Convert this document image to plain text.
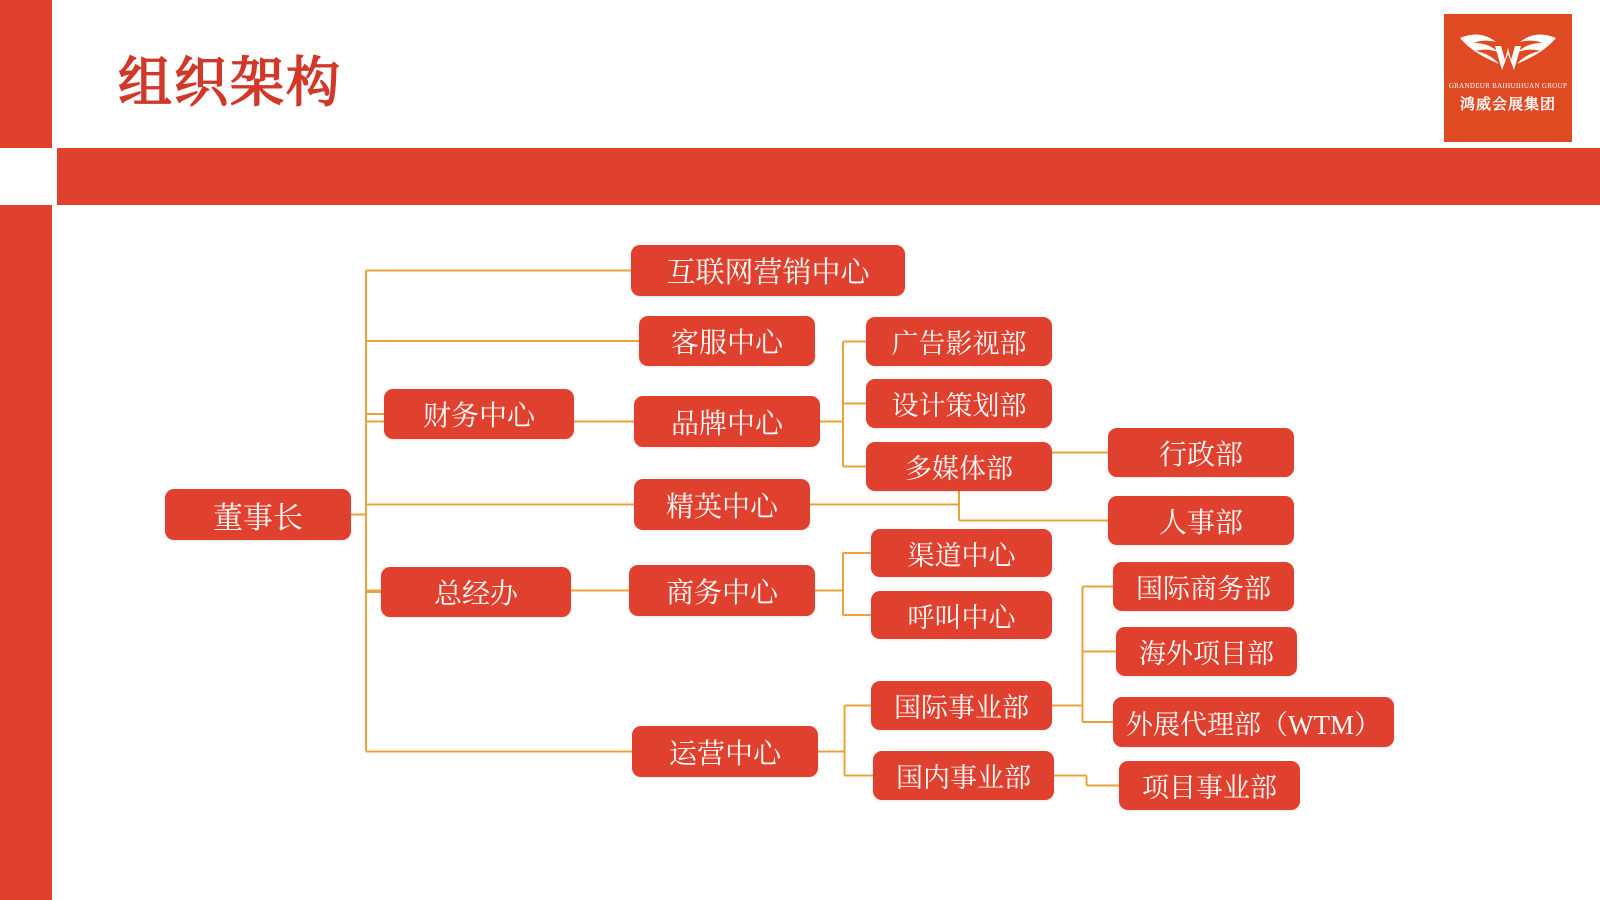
组织架构	GRANDEUR BAIHUIHUAN GROUP
鸿威会展集团
董事长
财务中心
总经办
互联网营销中心
客服中心
品牌中心
精英中心
商务中心
运营中心
广告影视部
设计策划部
多媒体部
渠道中心
呼叫中心
国际事业部
国内事业部
行政部
人事部
国际商务部
海外项目部
外展代理部（WTM）
项目事业部
